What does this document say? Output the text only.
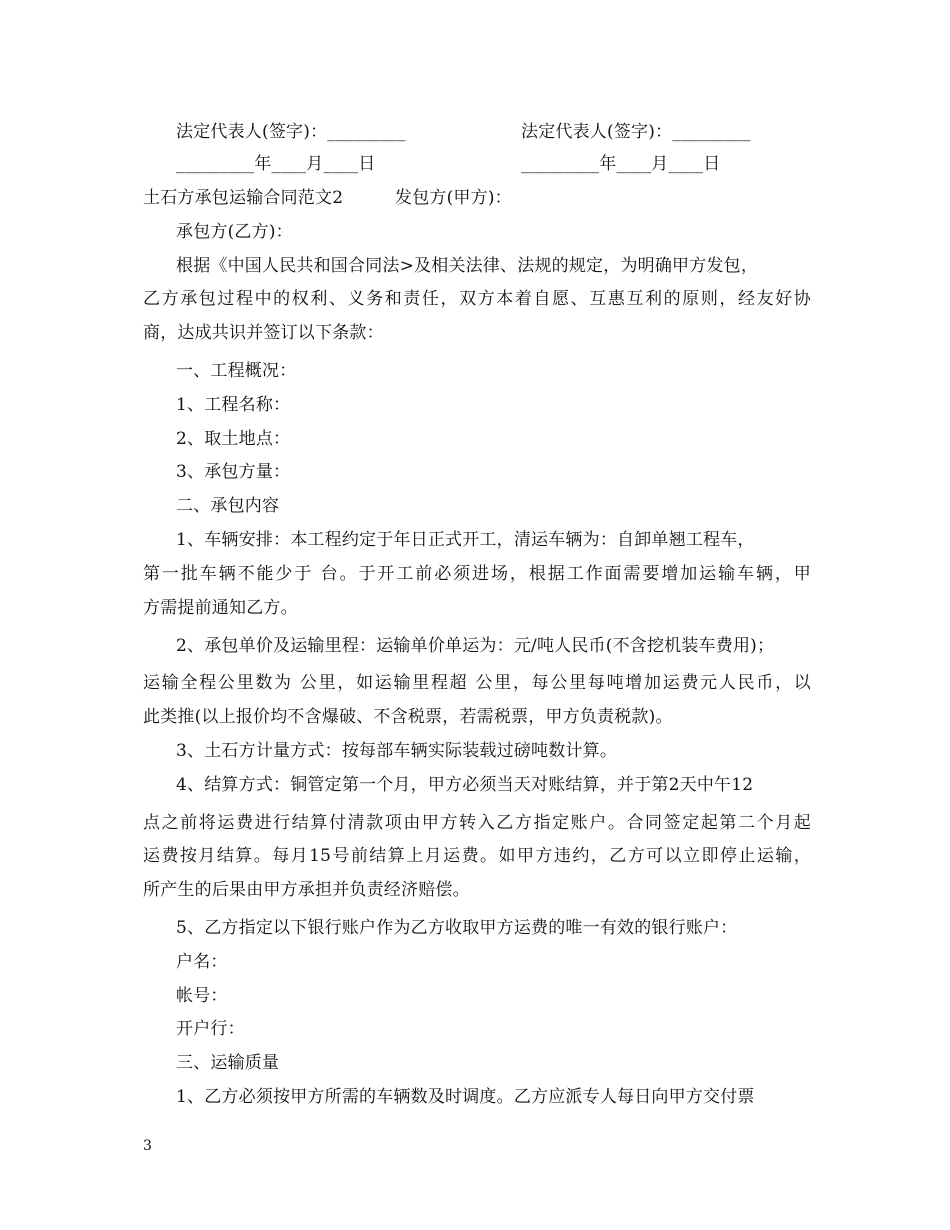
法定代表人(签字)：_________	法定代表人(签字)：_________
_________年____月____日	_________年____月____日
土石方承包运输合同范文2	发包方(甲方)：
承包方(乙方)：
根据《中国人民共和国合同法>及相关法律、法规的规定，为明确甲方发包，
乙方承包过程中的权利、义务和责任，双方本着自愿、互惠互利的原则，经友好协
商，达成共识并签订以下条款：
一、工程概况：
1、工程名称：
2、取土地点：
3、承包方量：
二、承包内容
1、车辆安排：本工程约定于年日正式开工，清运车辆为：自卸单翘工程车，
第一批车辆不能少于 台。于开工前必须进场，根据工作面需要增加运输车辆，甲
方需提前通知乙方。
2、承包单价及运输里程：运输单价单运为：元/吨人民币(不含挖机装车费用)；
运输全程公里数为 公里，如运输里程超 公里，每公里每吨增加运费元人民币，以
此类推(以上报价均不含爆破、不含税票，若需税票，甲方负责税款)。
3、土石方计量方式：按每部车辆实际装载过磅吨数计算。
4、结算方式：铜管定第一个月，甲方必须当天对账结算，并于第2天中午12
点之前将运费进行结算付清款项由甲方转入乙方指定账户。合同签定起第二个月起
运费按月结算。每月15号前结算上月运费。如甲方违约，乙方可以立即停止运输，
所产生的后果由甲方承担并负责经济赔偿。
5、乙方指定以下银行账户作为乙方收取甲方运费的唯一有效的银行账户：
户名：
帐号：
开户行：
三、运输质量
1、乙方必须按甲方所需的车辆数及时调度。乙方应派专人每日向甲方交付票
3
